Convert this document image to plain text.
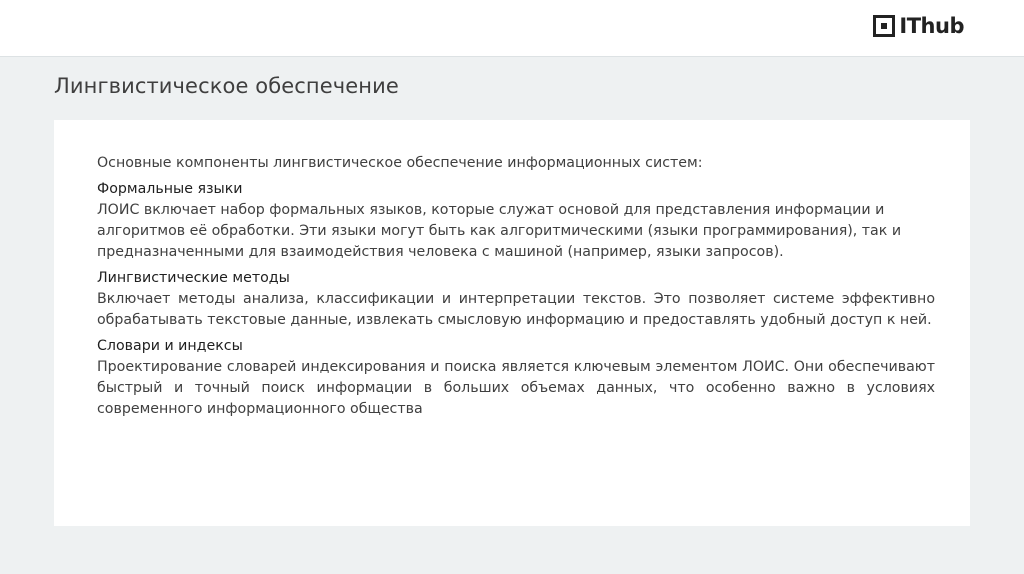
IThub
Лингвистическое обеспечение

Основные компоненты лингвистическое обеспечение информационных систем:

Формальные языки
ЛОИС включает набор формальных языков, которые служат основой для представления информации и алгоритмов её обработки. Эти языки могут быть как алгоритмическими (языки программирования), так и предназначенными для взаимодействия человека с машиной (например, языки запросов).
Лингвистические методы
Включает методы анализа, классификации и интерпретации текстов. Это позволяет системе эффективно обрабатывать текстовые данные, извлекать смысловую информацию и предоставлять удобный доступ к ней.
Словари и индексы
Проектирование словарей индексирования и поиска является ключевым элементом ЛОИС. Они обеспечивают быстрый и точный поиск информации в больших объемах данных, что особенно важно в условиях современного информационного общества
